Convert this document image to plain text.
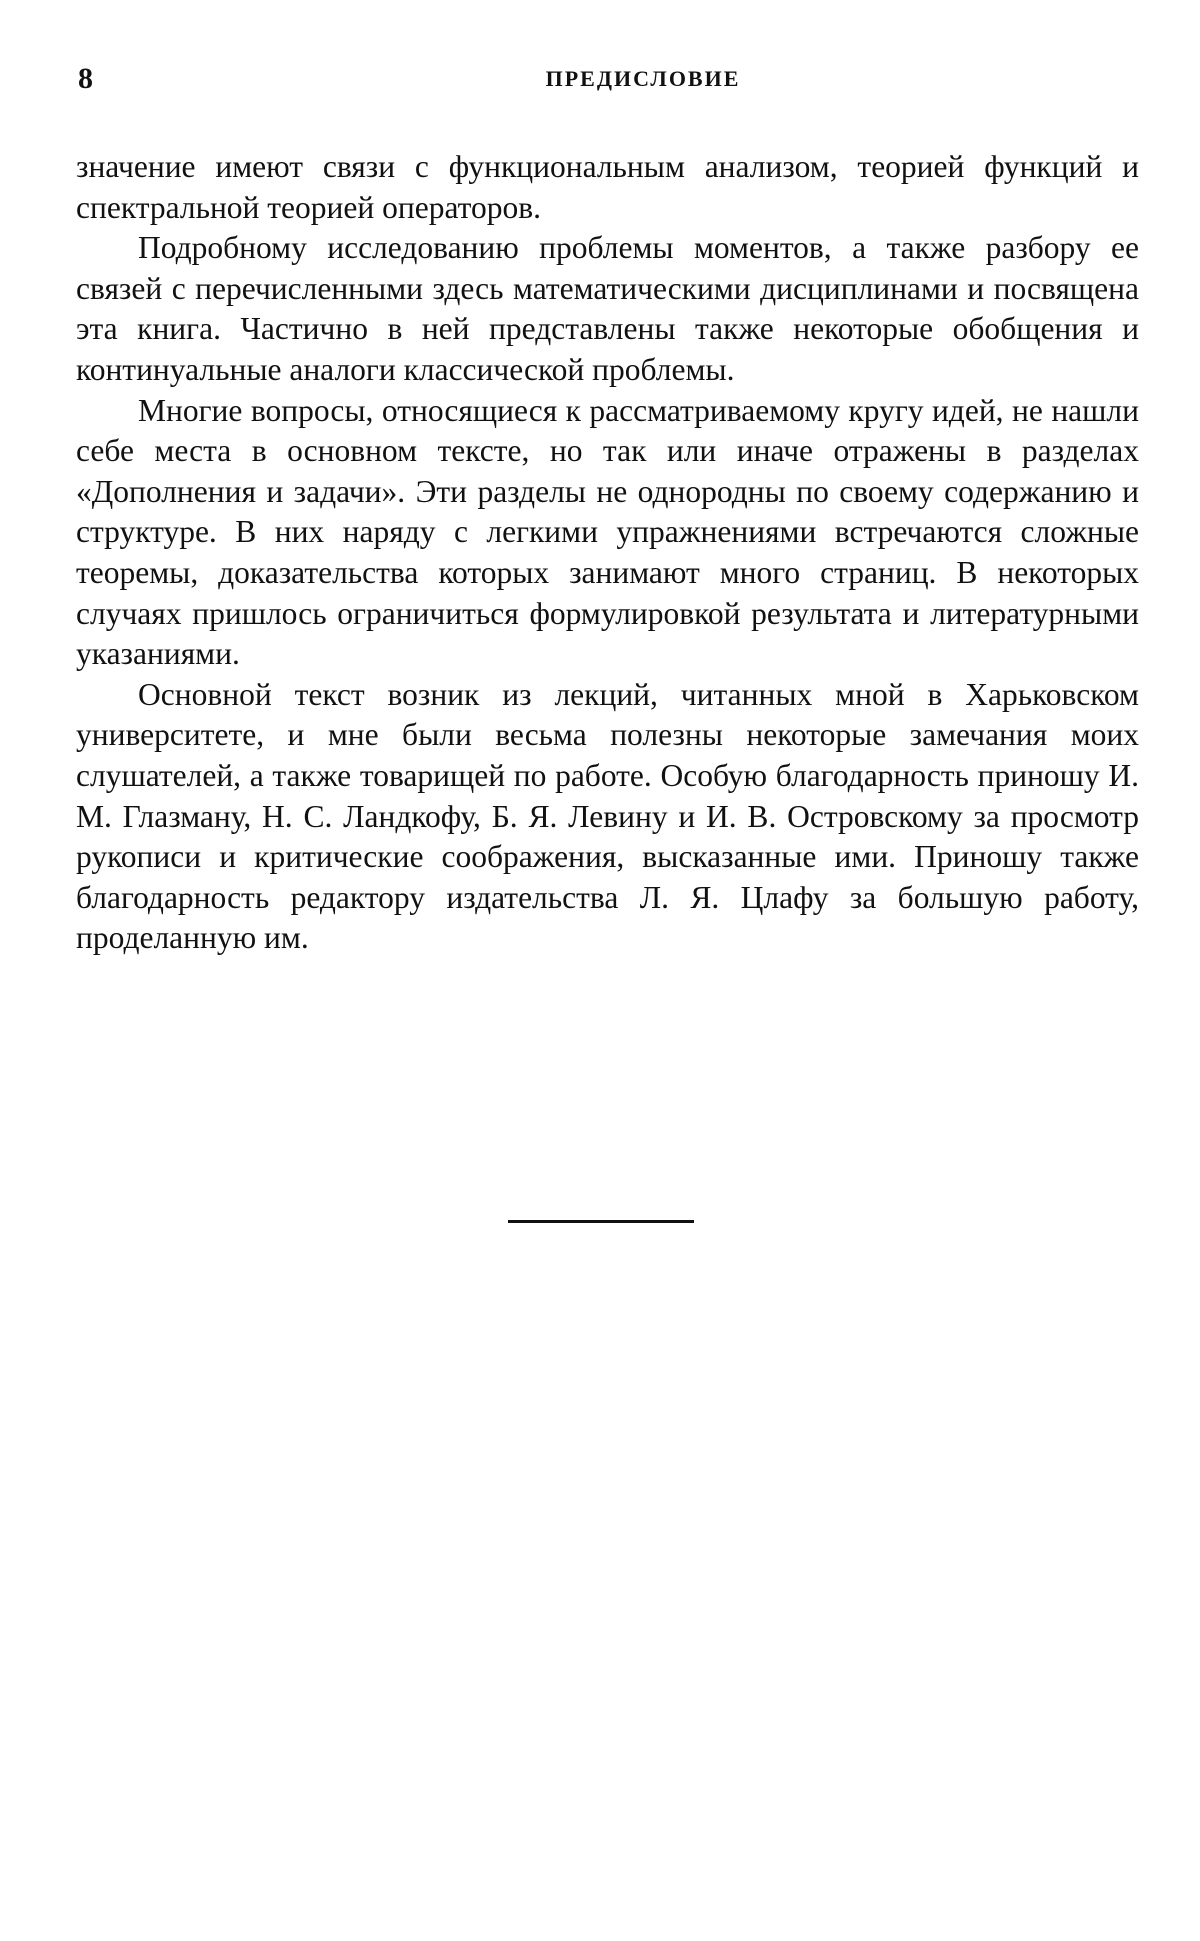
8	ПРЕДИСЛОВИЕ

значение имеют связи с функциональным анализом, теорией функций и спектральной теорией операторов.

Подробному исследованию проблемы моментов, а также разбору ее связей с перечисленными здесь математическими дисциплинами и посвящена эта книга. Частично в ней представлены также некоторые обобщения и континуальные аналоги классической проблемы.

Многие вопросы, относящиеся к рассматриваемому кругу идей, не нашли себе места в основном тексте, но так или иначе отражены в разделах «Дополнения и задачи». Эти разделы не однородны по своему содержанию и структуре. В них наряду с легкими упражнениями встречаются сложные теоремы, доказательства которых занимают много страниц. В некоторых случаях пришлось ограничиться формулировкой результата и литературными указаниями.

Основной текст возник из лекций, читанных мной в Харьковском университете, и мне были весьма полезны некоторые замечания моих слушателей, а также товарищей по работе. Особую благодарность приношу И. М. Глазману, Н. С. Ландкофу, Б. Я. Левину и И. В. Островскому за просмотр рукописи и критические соображения, высказанные ими. Приношу также благодарность редактору издательства Л. Я. Цлафу за большую работу, проделанную им.
